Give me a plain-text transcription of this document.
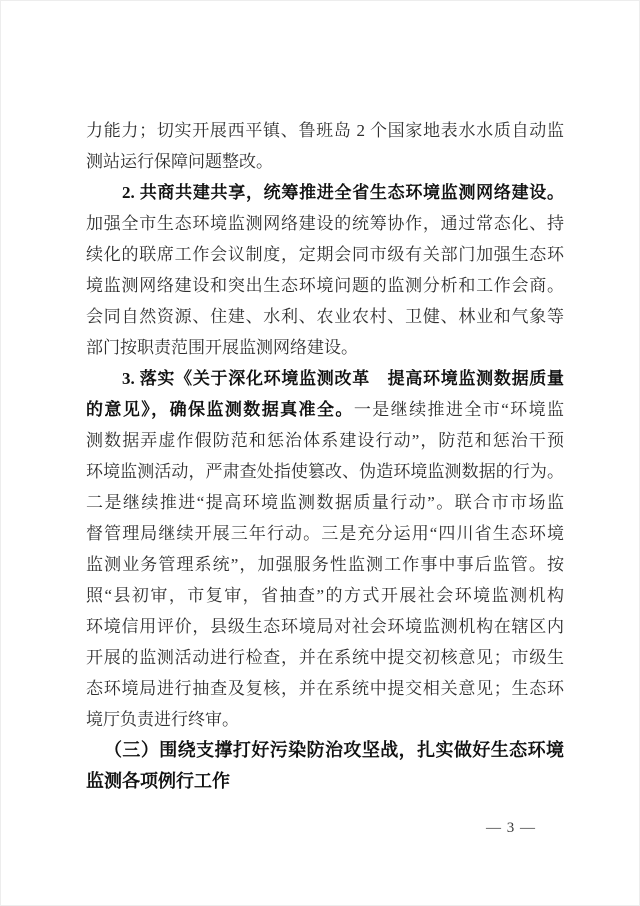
力能力；切实开展西平镇、鲁班岛 2 个国家地表水水质自动监
测站运行保障问题整改。
2. 共商共建共享，统筹推进全省生态环境监测网络建设。
加强全市生态环境监测网络建设的统筹协作，通过常态化、持
续化的联席工作会议制度，定期会同市级有关部门加强生态环
境监测网络建设和突出生态环境问题的监测分析和工作会商。
会同自然资源、住建、水利、农业农村、卫健、林业和气象等
部门按职责范围开展监测网络建设。
3. 落实《关于深化环境监测改革　提高环境监测数据质量
的意见》，确保监测数据真准全。一是继续推进全市“环境监
测数据弄虚作假防范和惩治体系建设行动”，防范和惩治干预
环境监测活动，严肃查处指使篡改、伪造环境监测数据的行为。
二是继续推进“提高环境监测数据质量行动”。联合市市场监
督管理局继续开展三年行动。三是充分运用“四川省生态环境
监测业务管理系统”，加强服务性监测工作事中事后监管。按
照“县初审，市复审，省抽查”的方式开展社会环境监测机构
环境信用评价，县级生态环境局对社会环境监测机构在辖区内
开展的监测活动进行检查，并在系统中提交初核意见；市级生
态环境局进行抽查及复核，并在系统中提交相关意见；生态环
境厅负责进行终审。
（三）围绕支撑打好污染防治攻坚战，扎实做好生态环境
监测各项例行工作
— 3 —
